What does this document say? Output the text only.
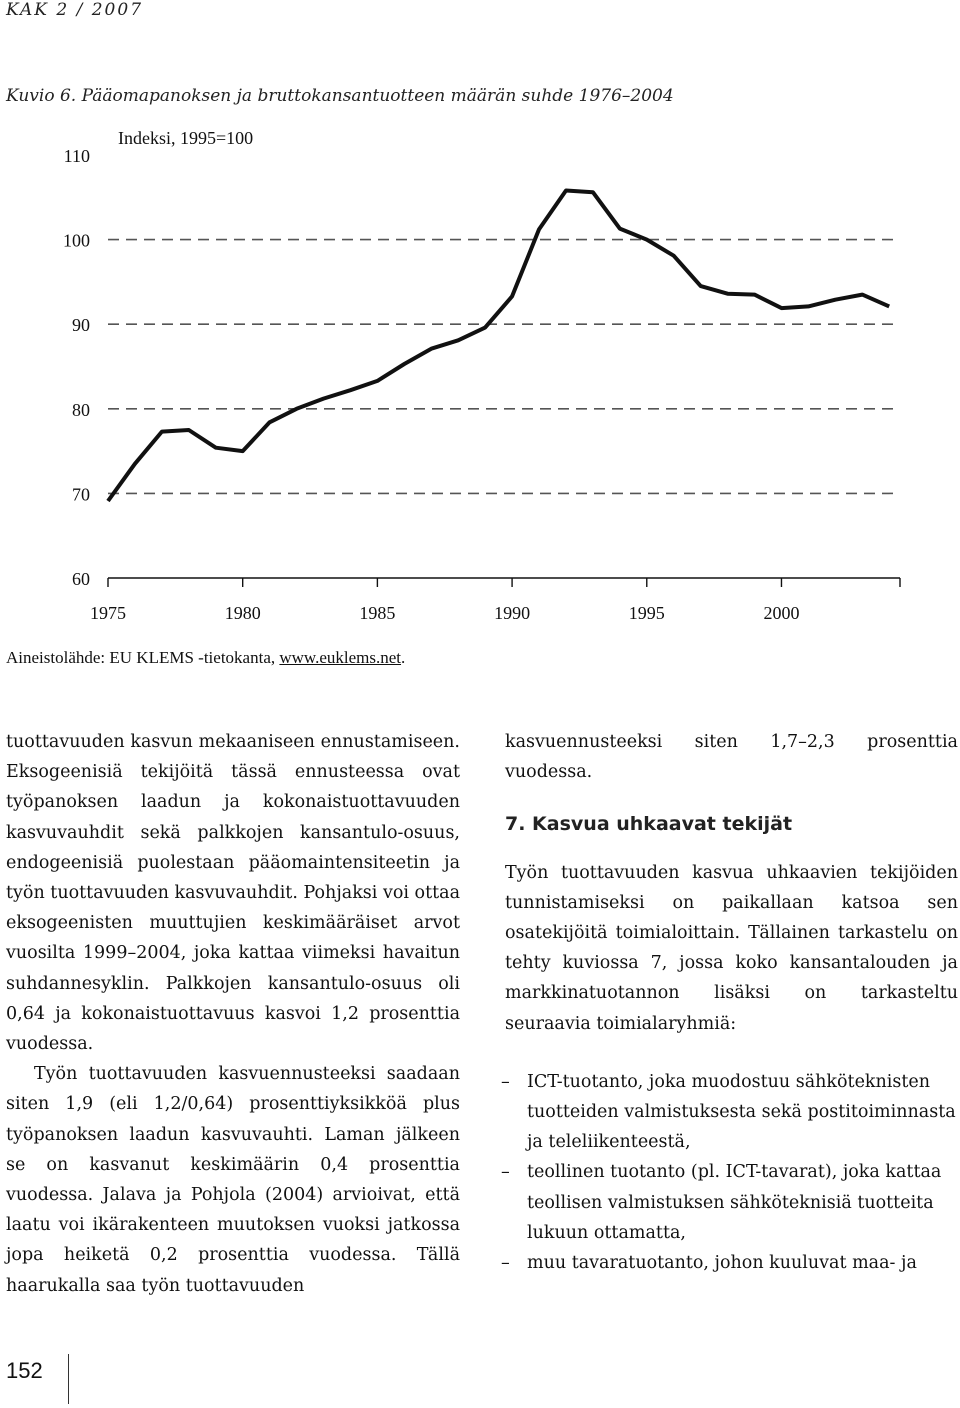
KAK 2 / 2007
Kuvio 6. Pääomapanoksen ja bruttokansantuotteen määrän suhde 1976–2004
60
70
80
90
100
110
1975	1980	1985	1990	1995	2000
Indeksi, 1995=100
Aineistolähde: EU KLEMS -tietokanta, www.euklems.net.

tuottavuuden kasvun mekaaniseen ennustamiseen. Eksogeenisiä tekijöitä tässä ennusteessa ovat työpanoksen laadun ja kokonaistuottavuuden kasvuvauhdit sekä palkkojen kansantulo-osuus, endogeenisiä puolestaan pääomaintensiteetin ja työn tuottavuuden kasvuvauhdit. Pohjaksi voi ottaa eksogeenisten muuttujien keskimääräiset arvot vuosilta 1999–2004, joka kattaa viimeksi havaitun suhdannesyklin. Palkkojen kansantulo-osuus oli 0,64 ja kokonaistuottavuus kasvoi 1,2 prosenttia vuodessa.

Työn tuottavuuden kasvuennusteeksi saadaan siten 1,9 (eli 1,2/0,64) prosenttiyksikköä plus työpanoksen laadun kasvuvauhti. Laman jälkeen se on kasvanut keskimäärin 0,4 prosenttia vuodessa. Jalava ja Pohjola (2004) arvioivat, että laatu voi ikärakenteen muutoksen vuoksi jatkossa jopa heiketä 0,2 prosenttia vuodessa. Tällä haarukalla saa työn tuottavuuden

kasvuennusteeksi siten 1,7–2,3 prosenttia vuodessa.

7. Kasvua uhkaavat tekijät

Työn tuottavuuden kasvua uhkaavien tekijöiden tunnistamiseksi on paikallaan katsoa sen osatekijöitä toimialoittain. Tällainen tarkastelu on tehty kuviossa 7, jossa koko kansantalouden ja markkinatuotannon lisäksi on tarkasteltu seuraavia toimialaryhmiä:

– ICT-tuotanto, joka muodostuu sähköteknisten tuotteiden valmistuksesta sekä postitoiminnasta ja teleliikenteestä,
– teollinen tuotanto (pl. ICT-tavarat), joka kattaa teollisen valmistuksen sähköteknisiä tuotteita lukuun ottamatta,
– muu tavaratuotanto, johon kuuluvat maa- ja
152
